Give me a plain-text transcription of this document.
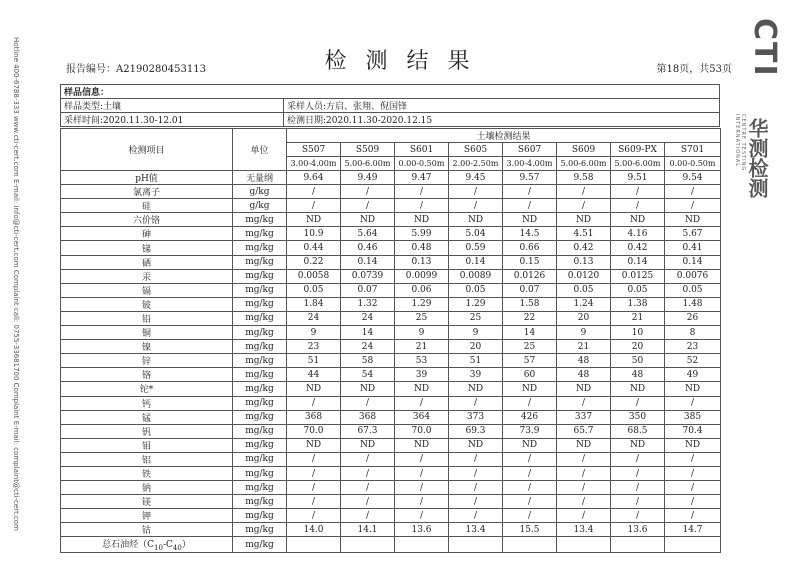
Hotline 400-6788-333 www.cti-cert.com E-mail: info@cti-cert.com Complaint call: 0755-33681700 Complaint E-mail: complaint@cti-cert.com	报告编号：A2190280453113	检 测 结 果	第18页，共53页 CTI
CENTRE TESTING INTERNATIONAL 华测检测
样品信息：	
样品类型:土壤	采样人员:方启、张翔、倪国锋
采样时间:2020.11.30-12.01	检测日期:2020.11.30-2020.12.15
检测项目	单位	土壤检测结果							
		S507	S509	S601	S605	S607	S609	S609-PX	S701
		3.00-4.00m	5.00-6.00m	0.00-0.50m	2.00-2.50m	3.00-4.00m	5.00-6.00m	5.00-6.00m	0.00-0.50m
pH值	无量纲	9.64	9.49	9.47	9.45	9.57	9.58	9.51	9.54
氯离子	g/kg	/	/	/	/	/	/	/	/
硅	g/kg	/	/	/	/	/	/	/	/
六价铬	mg/kg	ND	ND	ND	ND	ND	ND	ND	ND
砷	mg/kg	10.9	5.64	5.99	5.04	14.5	4.51	4.16	5.67
锑	mg/kg	0.44	0.46	0.48	0.59	0.66	0.42	0.42	0.41
硒	mg/kg	0.22	0.14	0.13	0.14	0.15	0.13	0.14	0.14
汞	mg/kg	0.0058	0.0739	0.0099	0.0089	0.0126	0.0120	0.0125	0.0076
镉	mg/kg	0.05	0.07	0.06	0.05	0.07	0.05	0.05	0.05
铍	mg/kg	1.84	1.32	1.29	1.29	1.58	1.24	1.38	1.48
铅	mg/kg	24	24	25	25	22	20	21	26
铜	mg/kg	9	14	9	9	14	9	10	8
镍	mg/kg	23	24	21	20	25	21	20	23
锌	mg/kg	51	58	53	51	57	48	50	52
铬	mg/kg	44	54	39	39	60	48	48	49
铊*	mg/kg	ND	ND	ND	ND	ND	ND	ND	ND
钙	mg/kg	/	/	/	/	/	/	/	/
锰	mg/kg	368	368	364	373	426	337	350	385
钒	mg/kg	70.0	67.3	70.0	69.3	73.9	65.7	68.5	70.4
钼	mg/kg	ND	ND	ND	ND	ND	ND	ND	ND
铝	mg/kg	/	/	/	/	/	/	/	/
铁	mg/kg	/	/	/	/	/	/	/	/
钠	mg/kg	/	/	/	/	/	/	/	/
镁	mg/kg	/	/	/	/	/	/	/	/
钾	mg/kg	/	/	/	/	/	/	/	/
钴	mg/kg	14.0	14.1	13.6	13.4	15.5	13.4	13.6	14.7
总石油烃$(C_{10}-C_{40})$	mg/kg								
